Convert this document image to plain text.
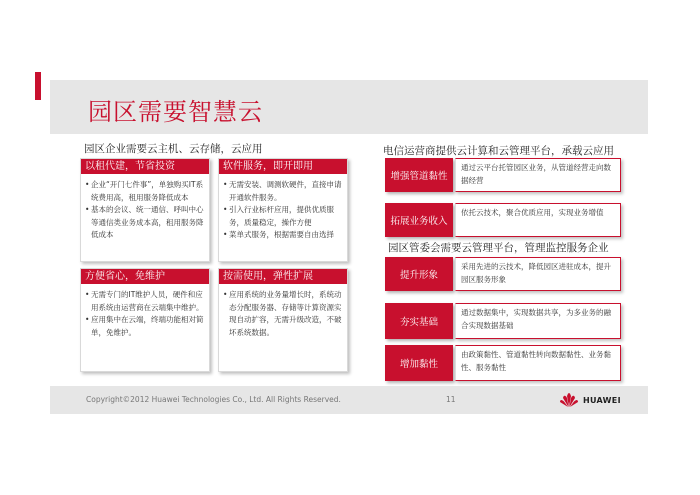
园区需要智慧云
园区企业需要云主机、云存储，云应用
以租代建，节省投资

• 企业“开门七件事”，单独购买IT系统费用高，租用服务降低成本

• 基本的会议、统一通信、呼叫中心等通信类业务成本高，租用服务降低成本

软件服务，即开即用

• 无需安装、调测软硬件，直接申请开通软件服务。

• 引入行业标杆应用，提供优质服务，质量稳定，操作方便

• 菜单式服务，根据需要自由选择

方便省心，免维护

• 无需专门的IT维护人员，硬件和应用系统由运营商在云端集中维护。

• 应用集中在云端，终端功能相对简单，免维护。

按需使用，弹性扩展

• 应用系统的业务量增长时，系统动态分配服务器、存储等计算资源实现自动扩容，无需升级改造，不破坏系统数据。

电信运营商提供云计算和云管理平台，承载云应用
增强管道黏性
通过云平台托管园区业务，从管道经营走向数据经营
拓展业务收入
依托云技术，聚合优质应用，实现业务增值
园区管委会需要云管理平台，管理监控服务企业
提升形象
采用先进的云技术，降低园区进驻成本，提升园区服务形象
夯实基础
通过数据集中，实现数据共享，为多业务的融合实现数据基础
增加黏性
由政策黏性、管道黏性转向数据黏性、业务黏性、服务黏性
Copyright©2012 Huawei Technologies Co., Ltd. All Rights Reserved.	11	HUAWEI
